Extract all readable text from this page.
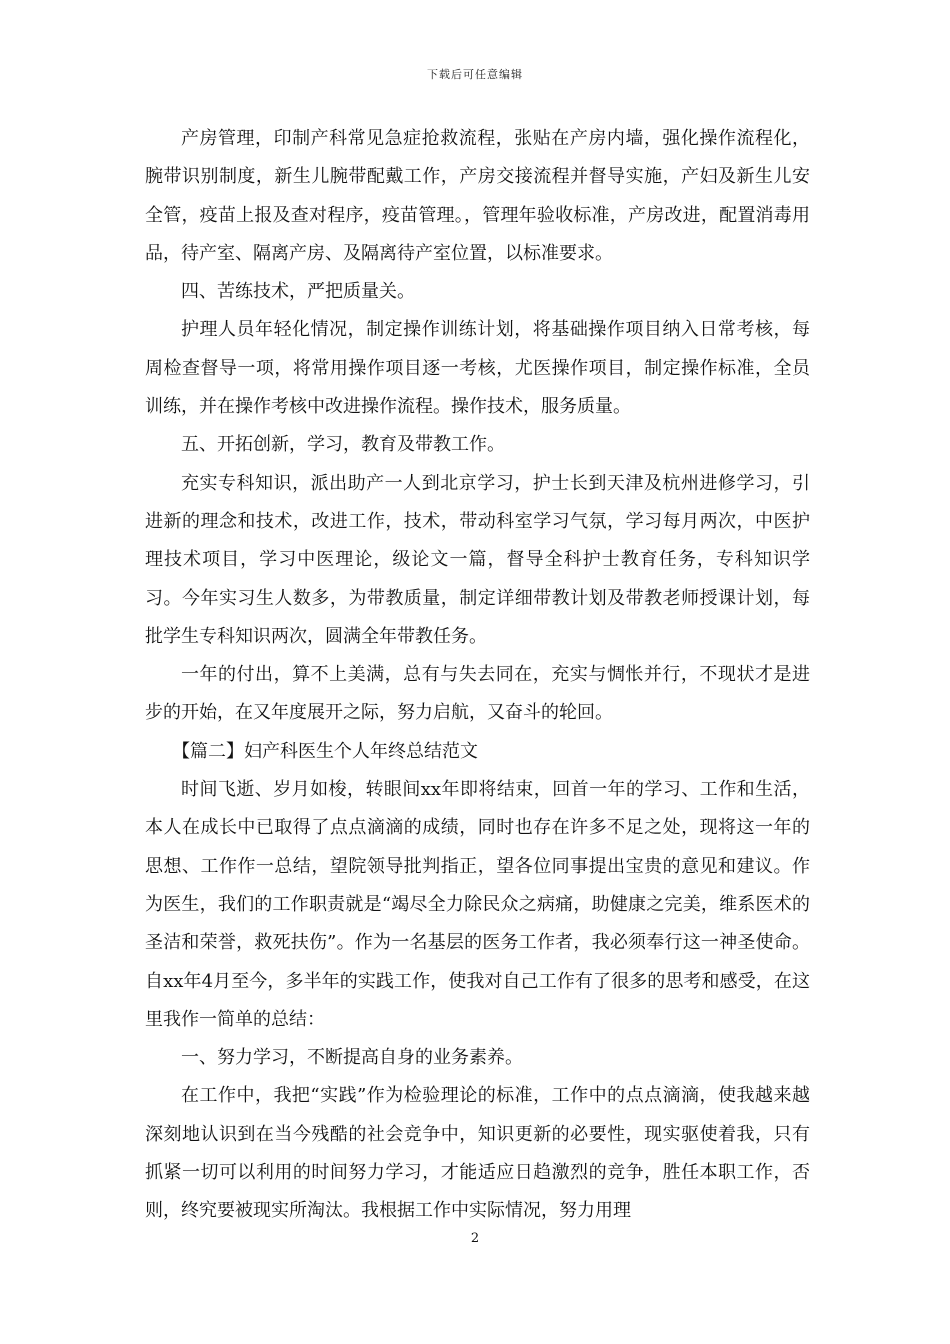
下载后可任意编辑

产房管理，印制产科常见急症抢救流程，张贴在产房内墙，强化操作流程化，腕带识别制度，新生儿腕带配戴工作，产房交接流程并督导实施，产妇及新生儿安全管，疫苗上报及查对程序，疫苗管理。，管理年验收标准，产房改进，配置消毒用品，待产室、隔离产房、及隔离待产室位置，以标准要求。

四、苦练技术，严把质量关。

护理人员年轻化情况，制定操作训练计划，将基础操作项目纳入日常考核，每周检查督导一项，将常用操作项目逐一考核，尤医操作项目，制定操作标准，全员训练，并在操作考核中改进操作流程。操作技术，服务质量。

五、开拓创新，学习，教育及带教工作。

充实专科知识，派出助产一人到北京学习，护士长到天津及杭州进修学习，引进新的理念和技术，改进工作，技术，带动科室学习气氛，学习每月两次，中医护理技术项目，学习中医理论，级论文一篇，督导全科护士教育任务，专科知识学习。今年实习生人数多，为带教质量，制定详细带教计划及带教老师授课计划，每批学生专科知识两次，圆满全年带教任务。

一年的付出，算不上美满，总有与失去同在，充实与惆怅并行，不现状才是进步的开始，在又年度展开之际，努力启航，又奋斗的轮回。

【篇二】妇产科医生个人年终总结范文

时间飞逝、岁月如梭，转眼间xx年即将结束，回首一年的学习、工作和生活，本人在成长中已取得了点点滴滴的成绩，同时也存在许多不足之处，现将这一年的思想、工作作一总结，望院领导批判指正，望各位同事提出宝贵的意见和建议。作为医生，我们的工作职责就是“竭尽全力除民众之病痛，助健康之完美，维系医术的圣洁和荣誉，救死扶伤”。作为一名基层的医务工作者，我必须奉行这一神圣使命。自xx年4月至今，多半年的实践工作，使我对自己工作有了很多的思考和感受，在这里我作一简单的总结：

一、努力学习，不断提高自身的业务素养。

在工作中，我把“实践”作为检验理论的标准，工作中的点点滴滴，使我越来越深刻地认识到在当今残酷的社会竞争中，知识更新的必要性，现实驱使着我，只有抓紧一切可以利用的时间努力学习，才能适应日趋激烈的竞争，胜任本职工作，否则，终究要被现实所淘汰。我根据工作中实际情况，努力用理

2
